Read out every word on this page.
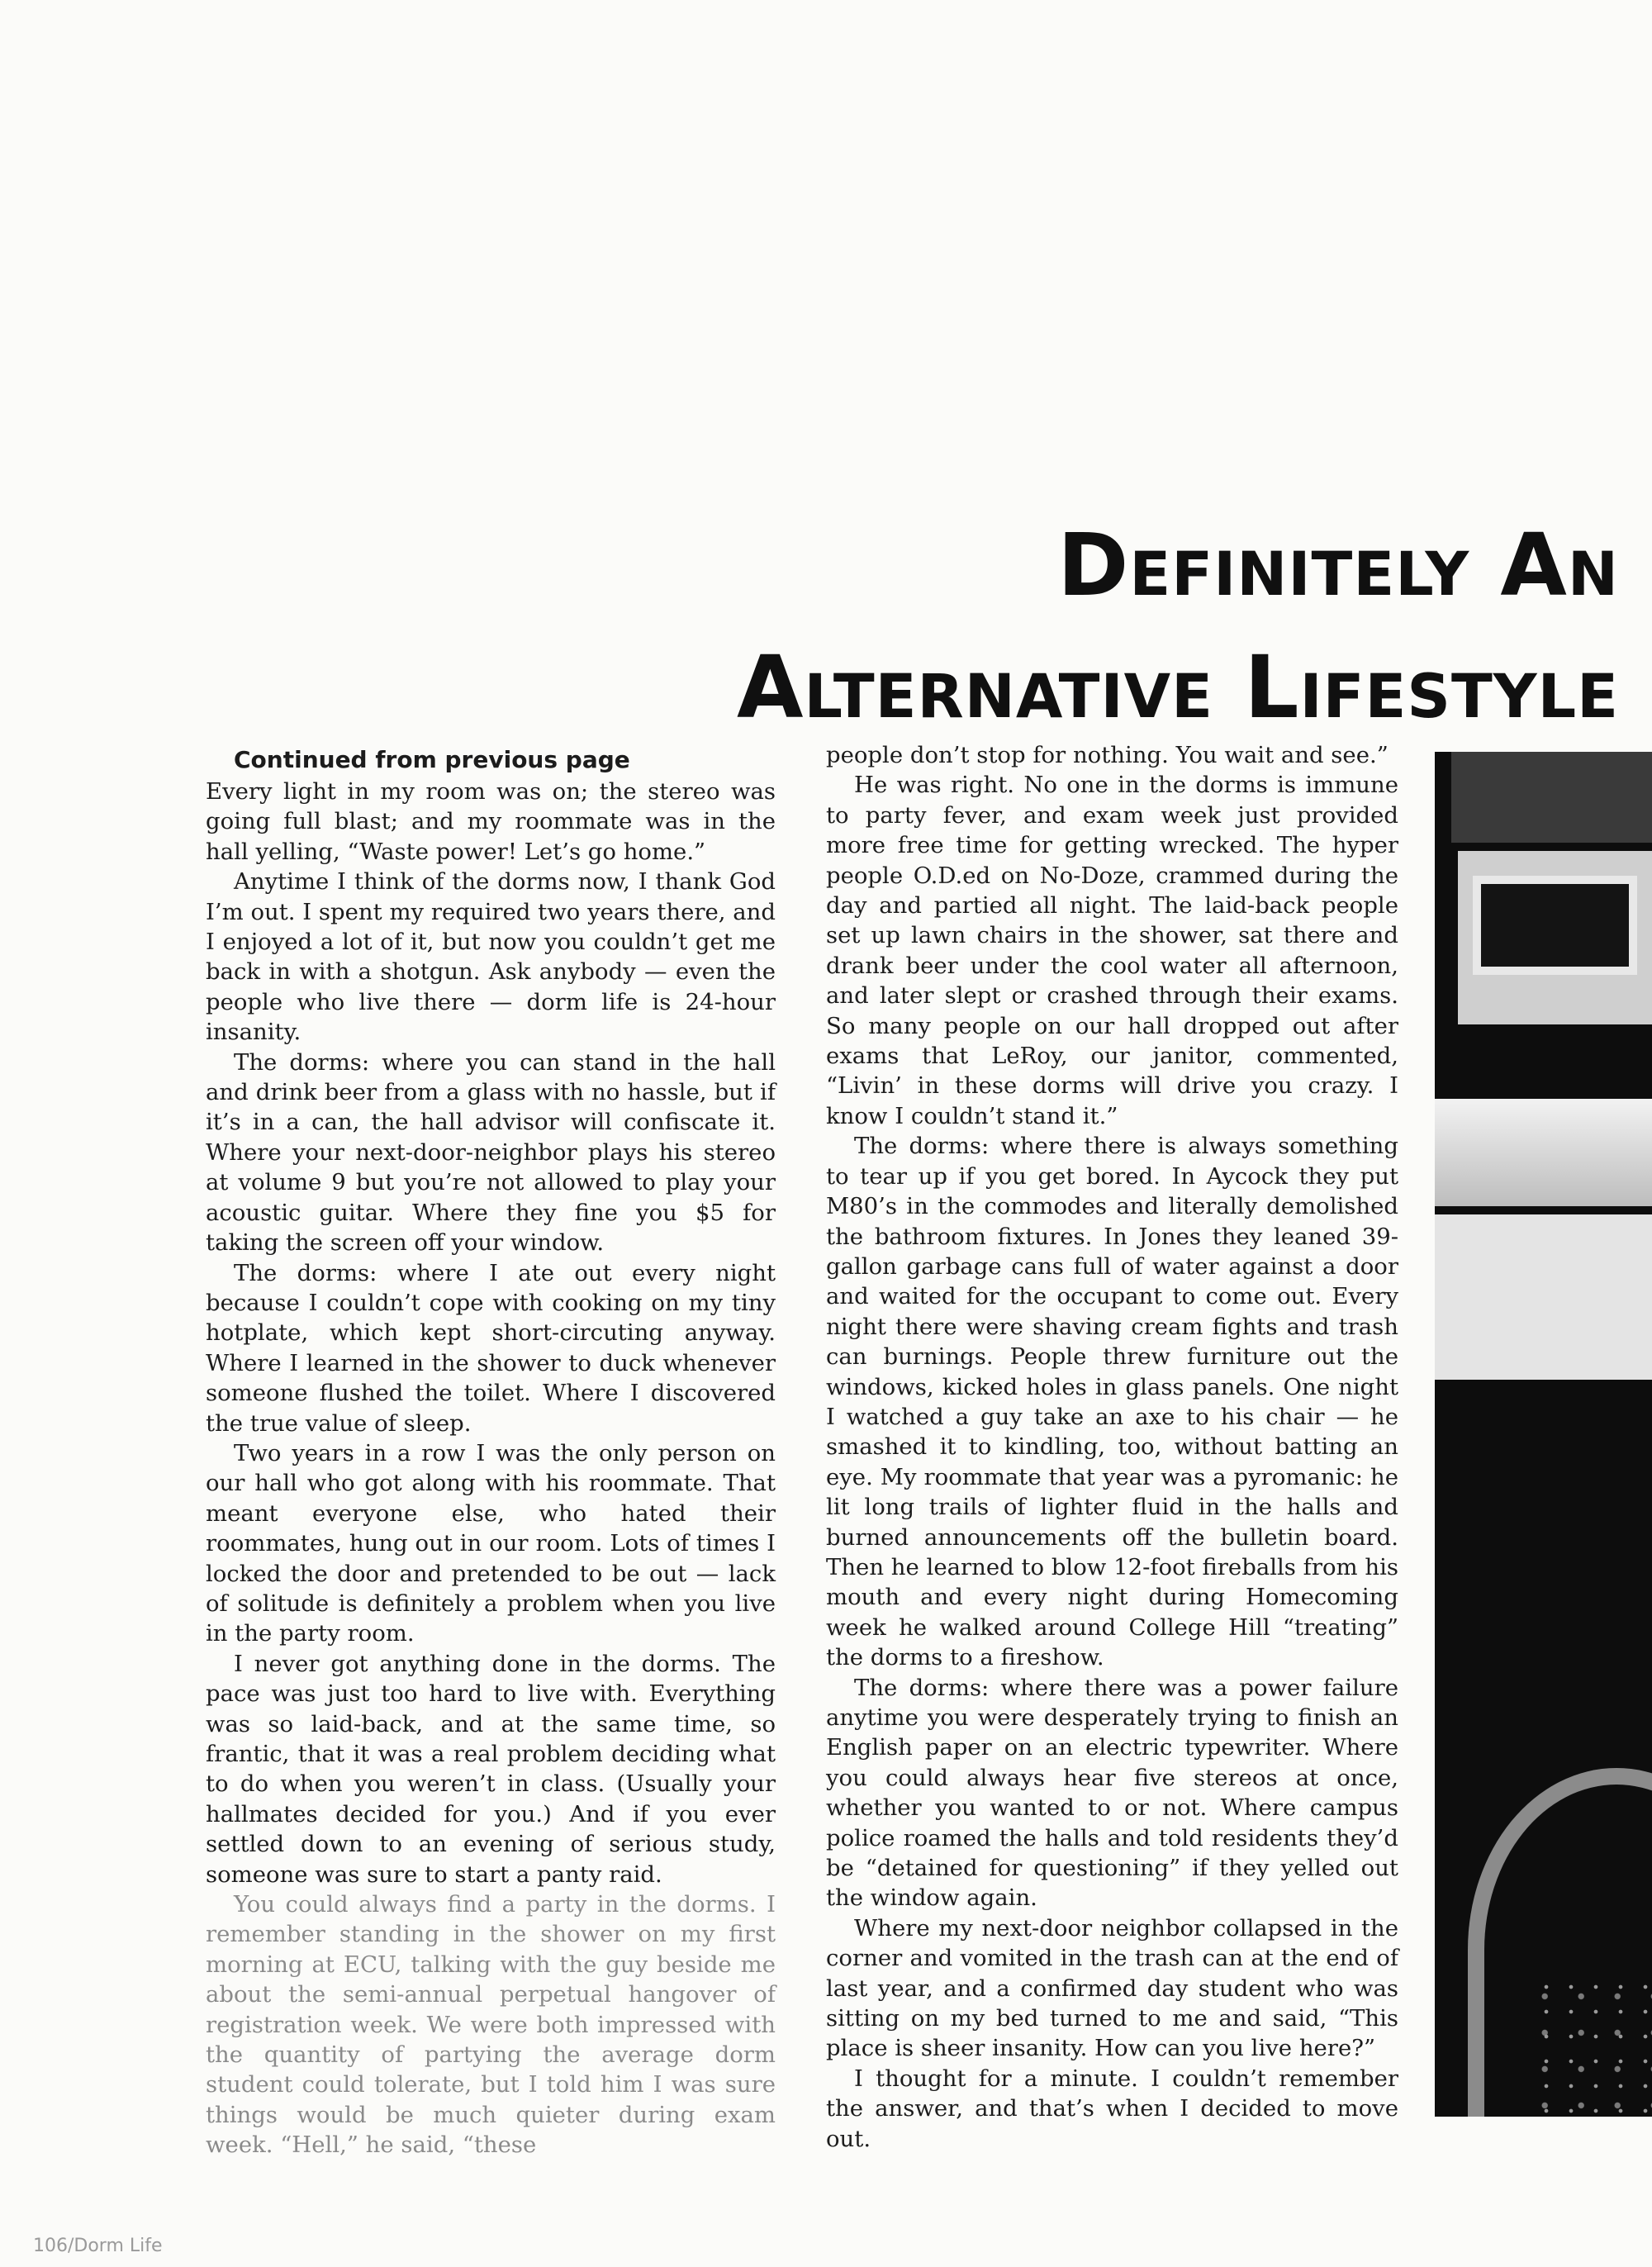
Definitely An
Alternative Lifestyle

Continued from previous page

Every light in my room was on; the stereo was going full blast; and my roommate was in the hall yelling, “Waste power! Let’s go home.”

Anytime I think of the dorms now, I thank God I’m out. I spent my required two years there, and I enjoyed a lot of it, but now you couldn’t get me back in with a shotgun. Ask anybody — even the people who live there — dorm life is 24-hour insanity.

The dorms: where you can stand in the hall and drink beer from a glass with no hassle, but if it’s in a can, the hall advisor will confiscate it. Where your next-door-neighbor plays his stereo at volume 9 but you’re not allowed to play your acoustic guitar. Where they fine you $5 for taking the screen off your window.

The dorms: where I ate out every night because I couldn’t cope with cooking on my tiny hotplate, which kept short-circuting anyway. Where I learned in the shower to duck whenever someone flushed the toilet. Where I discovered the true value of sleep.

Two years in a row I was the only person on our hall who got along with his roommate. That meant everyone else, who hated their roommates, hung out in our room. Lots of times I locked the door and pretended to be out — lack of solitude is definitely a problem when you live in the party room.

I never got anything done in the dorms. The pace was just too hard to live with. Everything was so laid-back, and at the same time, so frantic, that it was a real problem deciding what to do when you weren’t in class. (Usually your hallmates decided for you.) And if you ever settled down to an evening of serious study, someone was sure to start a panty raid.

You could always find a party in the dorms. I remember standing in the shower on my first morning at ECU, talking with the guy beside me about the semi-annual perpetual hangover of registration week. We were both impressed with the quantity of partying the average dorm student could tolerate, but I told him I was sure things would be much quieter during exam week. “Hell,” he said, “these

people don’t stop for nothing. You wait and see.”

He was right. No one in the dorms is immune to party fever, and exam week just provided more free time for getting wrecked. The hyper people O.D.ed on No-Doze, crammed during the day and partied all night. The laid-back people set up lawn chairs in the shower, sat there and drank beer under the cool water all afternoon, and later slept or crashed through their exams. So many people on our hall dropped out after exams that LeRoy, our janitor, commented, “Livin’ in these dorms will drive you crazy. I know I couldn’t stand it.”

The dorms: where there is always something to tear up if you get bored. In Aycock they put M80’s in the commodes and literally demolished the bathroom fixtures. In Jones they leaned 39-gallon garbage cans full of water against a door and waited for the occupant to come out. Every night there were shaving cream fights and trash can burnings. People threw furniture out the windows, kicked holes in glass panels. One night I watched a guy take an axe to his chair — he smashed it to kindling, too, without batting an eye. My roommate that year was a pyromanic: he lit long trails of lighter fluid in the halls and burned announcements off the bulletin board. Then he learned to blow 12-foot fireballs from his mouth and every night during Homecoming week he walked around College Hill “treating” the dorms to a fireshow.

The dorms: where there was a power failure anytime you were desperately trying to finish an English paper on an electric typewriter. Where you could always hear five stereos at once, whether you wanted to or not. Where campus police roamed the halls and told residents they’d be “detained for questioning” if they yelled out the window again.

Where my next-door neighbor collapsed in the corner and vomited in the trash can at the end of last year, and a confirmed day student who was sitting on my bed turned to me and said, “This place is sheer insanity. How can you live here?”

I thought for a minute. I couldn’t remember the answer, and that’s when I decided to move out.

106/Dorm Life
